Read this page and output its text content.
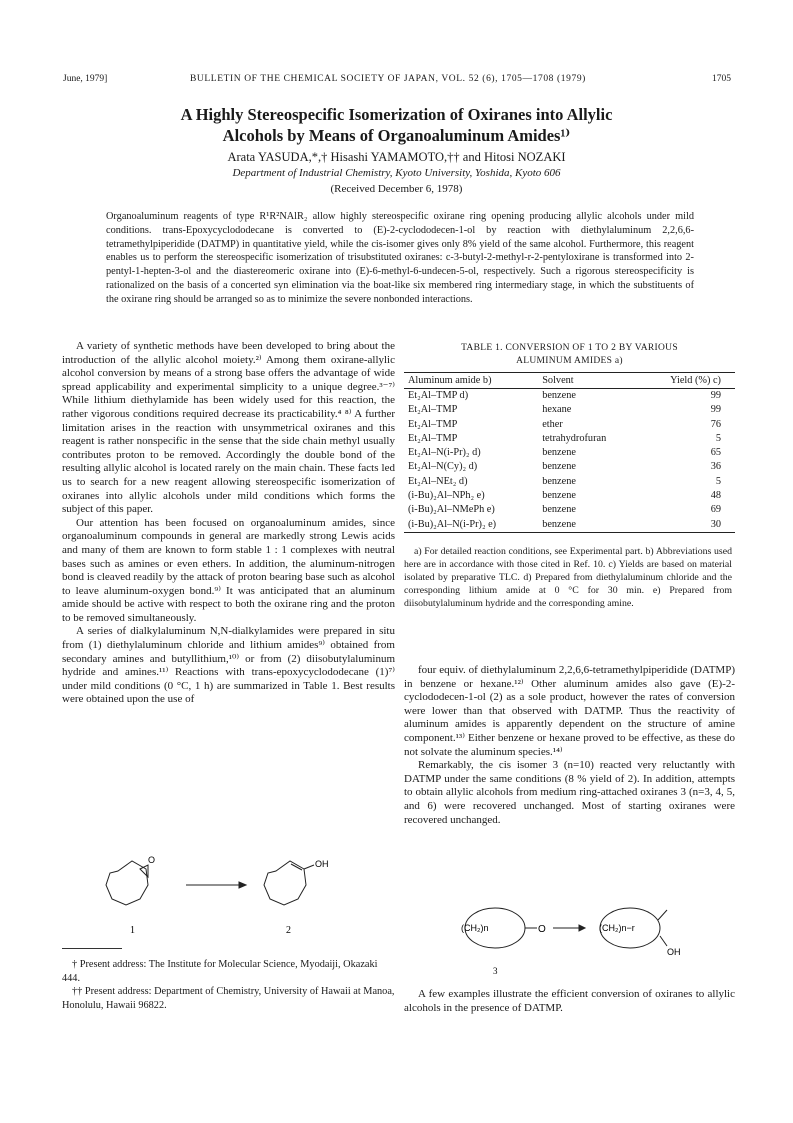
June, 1979]	BULLETIN OF THE CHEMICAL SOCIETY OF JAPAN, VOL. 52 (6), 1705—1708 (1979)	1705
A Highly Stereospecific Isomerization of Oxiranes into Allylic
Alcohols by Means of Organoaluminum Amides¹⁾
Arata YASUDA,*,† Hisashi YAMAMOTO,†† and Hitosi NOZAKI
Department of Industrial Chemistry, Kyoto University, Yoshida, Kyoto 606
(Received December 6, 1978)
Organoaluminum reagents of type R¹R²NAlR₂ allow highly stereospecific oxirane ring opening producing allylic alcohols under mild conditions. trans-Epoxycyclododecane is converted to (E)-2-cyclododecen-1-ol by reaction with diethylaluminum 2,2,6,6-tetramethylpiperidide (DATMP) in quantitative yield, while the cis-isomer gives only 8% yield of the same alcohol. Furthermore, this reagent enables us to perform the stereospecific isomerization of trisubstituted oxiranes: c-3-butyl-2-methyl-r-2-pentyloxirane is transformed into 2-pentyl-1-hepten-3-ol and the diastereomeric oxirane into (E)-6-methyl-6-undecen-5-ol, respectively. Such a rigorous stereospecificity is rationalized on the basis of a concerted syn elimination via the boat-like six membered ring intermediary stage, in which the substituents of the oxirane ring should be arranged so as to minimize the severe nonbonded interactions.

A variety of synthetic methods have been developed to bring about the introduction of the allylic alcohol moiety.²⁾ Among them oxirane-allylic alcohol conversion by means of a strong base offers the advantage of wide spread applicability and experimental simplicity to a unique degree.³⁻⁷⁾ While lithium diethylamide has been widely used for this reaction, the rather vigorous conditions required decrease its practicability.⁴ ⁸⁾ A further limitation arises in the reaction with unsymmetrical oxiranes and this reagent is rather nonspecific in the sense that the side chain methyl usually contributes proton to be removed. Accordingly the double bond of the resulting allylic alcohol is located rarely on the main chain. These facts led us to search for a new reagent allowing stereospecific isomerization of oxiranes into allylic alcohols under mild conditions which forms the subject of this paper.

Our attention has been focused on organoaluminum amides, since organoaluminum compounds in general are markedly strong Lewis acids and many of them are known to form stable 1 : 1 complexes with neutral bases such as amines or even ethers. In addition, the aluminum-nitrogen bond is cleaved readily by the attack of proton bearing base such as alcohol to leave aluminum-oxygen bond.⁹⁾ It was anticipated that an aluminum amide should be active with respect to both the oxirane ring and the proton to be removed simultaneously.

A series of dialkylaluminum N,N-dialkylamides were prepared in situ from (1) diethylaluminum chloride and lithium amides⁹⁾ obtained from secondary amines and butyllithium,¹⁰⁾ or from (2) diisobutylaluminum hydride and amines.¹¹⁾ Reactions with trans-epoxycyclododecane (1)⁷⁾ under mild conditions (0 °C, 1 h) are summarized in Table 1. Best results were obtained upon the use of

O	OH
1	2

† Present address: The Institute for Molecular Science, Myodaiji, Okazaki 444.

†† Present address: Department of Chemistry, University of Hawaii at Manoa, Honolulu, Hawaii 96822.

TABLE 1. CONVERSION OF 1 TO 2 BY VARIOUS
ALUMINUM AMIDES a)
Aluminum amide b)	Solvent	Yield (%) c)
Et₂Al–TMP d)	benzene	99
Et₂Al–TMP	hexane	99
Et₂Al–TMP	ether	76
Et₂Al–TMP	tetrahydrofuran	5
Et₂Al–N(i-Pr)₂ d)	benzene	65
Et₂Al–N(Cy)₂ d)	benzene	36
Et₂Al–NEt₂ d)	benzene	5
(i-Bu)₂Al–NPh₂ e)	benzene	48
(i-Bu)₂Al–NMePh e)	benzene	69
(i-Bu)₂Al–N(i-Pr)₂ e)	benzene	30

a) For detailed reaction conditions, see Experimental part. b) Abbreviations used here are in accordance with those cited in Ref. 10. c) Yields are based on material isolated by preparative TLC. d) Prepared from diethylaluminum chloride and the corresponding lithium amide at 0 °C for 30 min. e) Prepared from diisobutylaluminum hydride and the corresponding amine.

four equiv. of diethylaluminum 2,2,6,6-tetramethylpiperidide (DATMP) in benzene or hexane.¹²⁾ Other aluminum amides also gave (E)-2-cyclododecen-1-ol (2) as a sole product, however the rates of conversion were lower than that observed with DATMP. Thus the reactivity of aluminum amides is apparently dependent on the structure of amine component.¹³⁾ Either benzene or hexane proved to be effective, as these do not solvate the aluminum species.¹⁴⁾

Remarkably, the cis isomer 3 (n=10) reacted very reluctantly with DATMP under the same conditions (8 % yield of 2). In addition, attempts to obtain allylic alcohols from medium ring-attached oxiranes 3 (n=3, 4, 5, and 6) were recovered unchanged. Most of starting oxiranes were recovered unchanged.

(CH₂)n	O	(CH₂)n−r
OH
3

A few examples illustrate the efficient conversion of oxiranes to allylic alcohols in the presence of DATMP.
